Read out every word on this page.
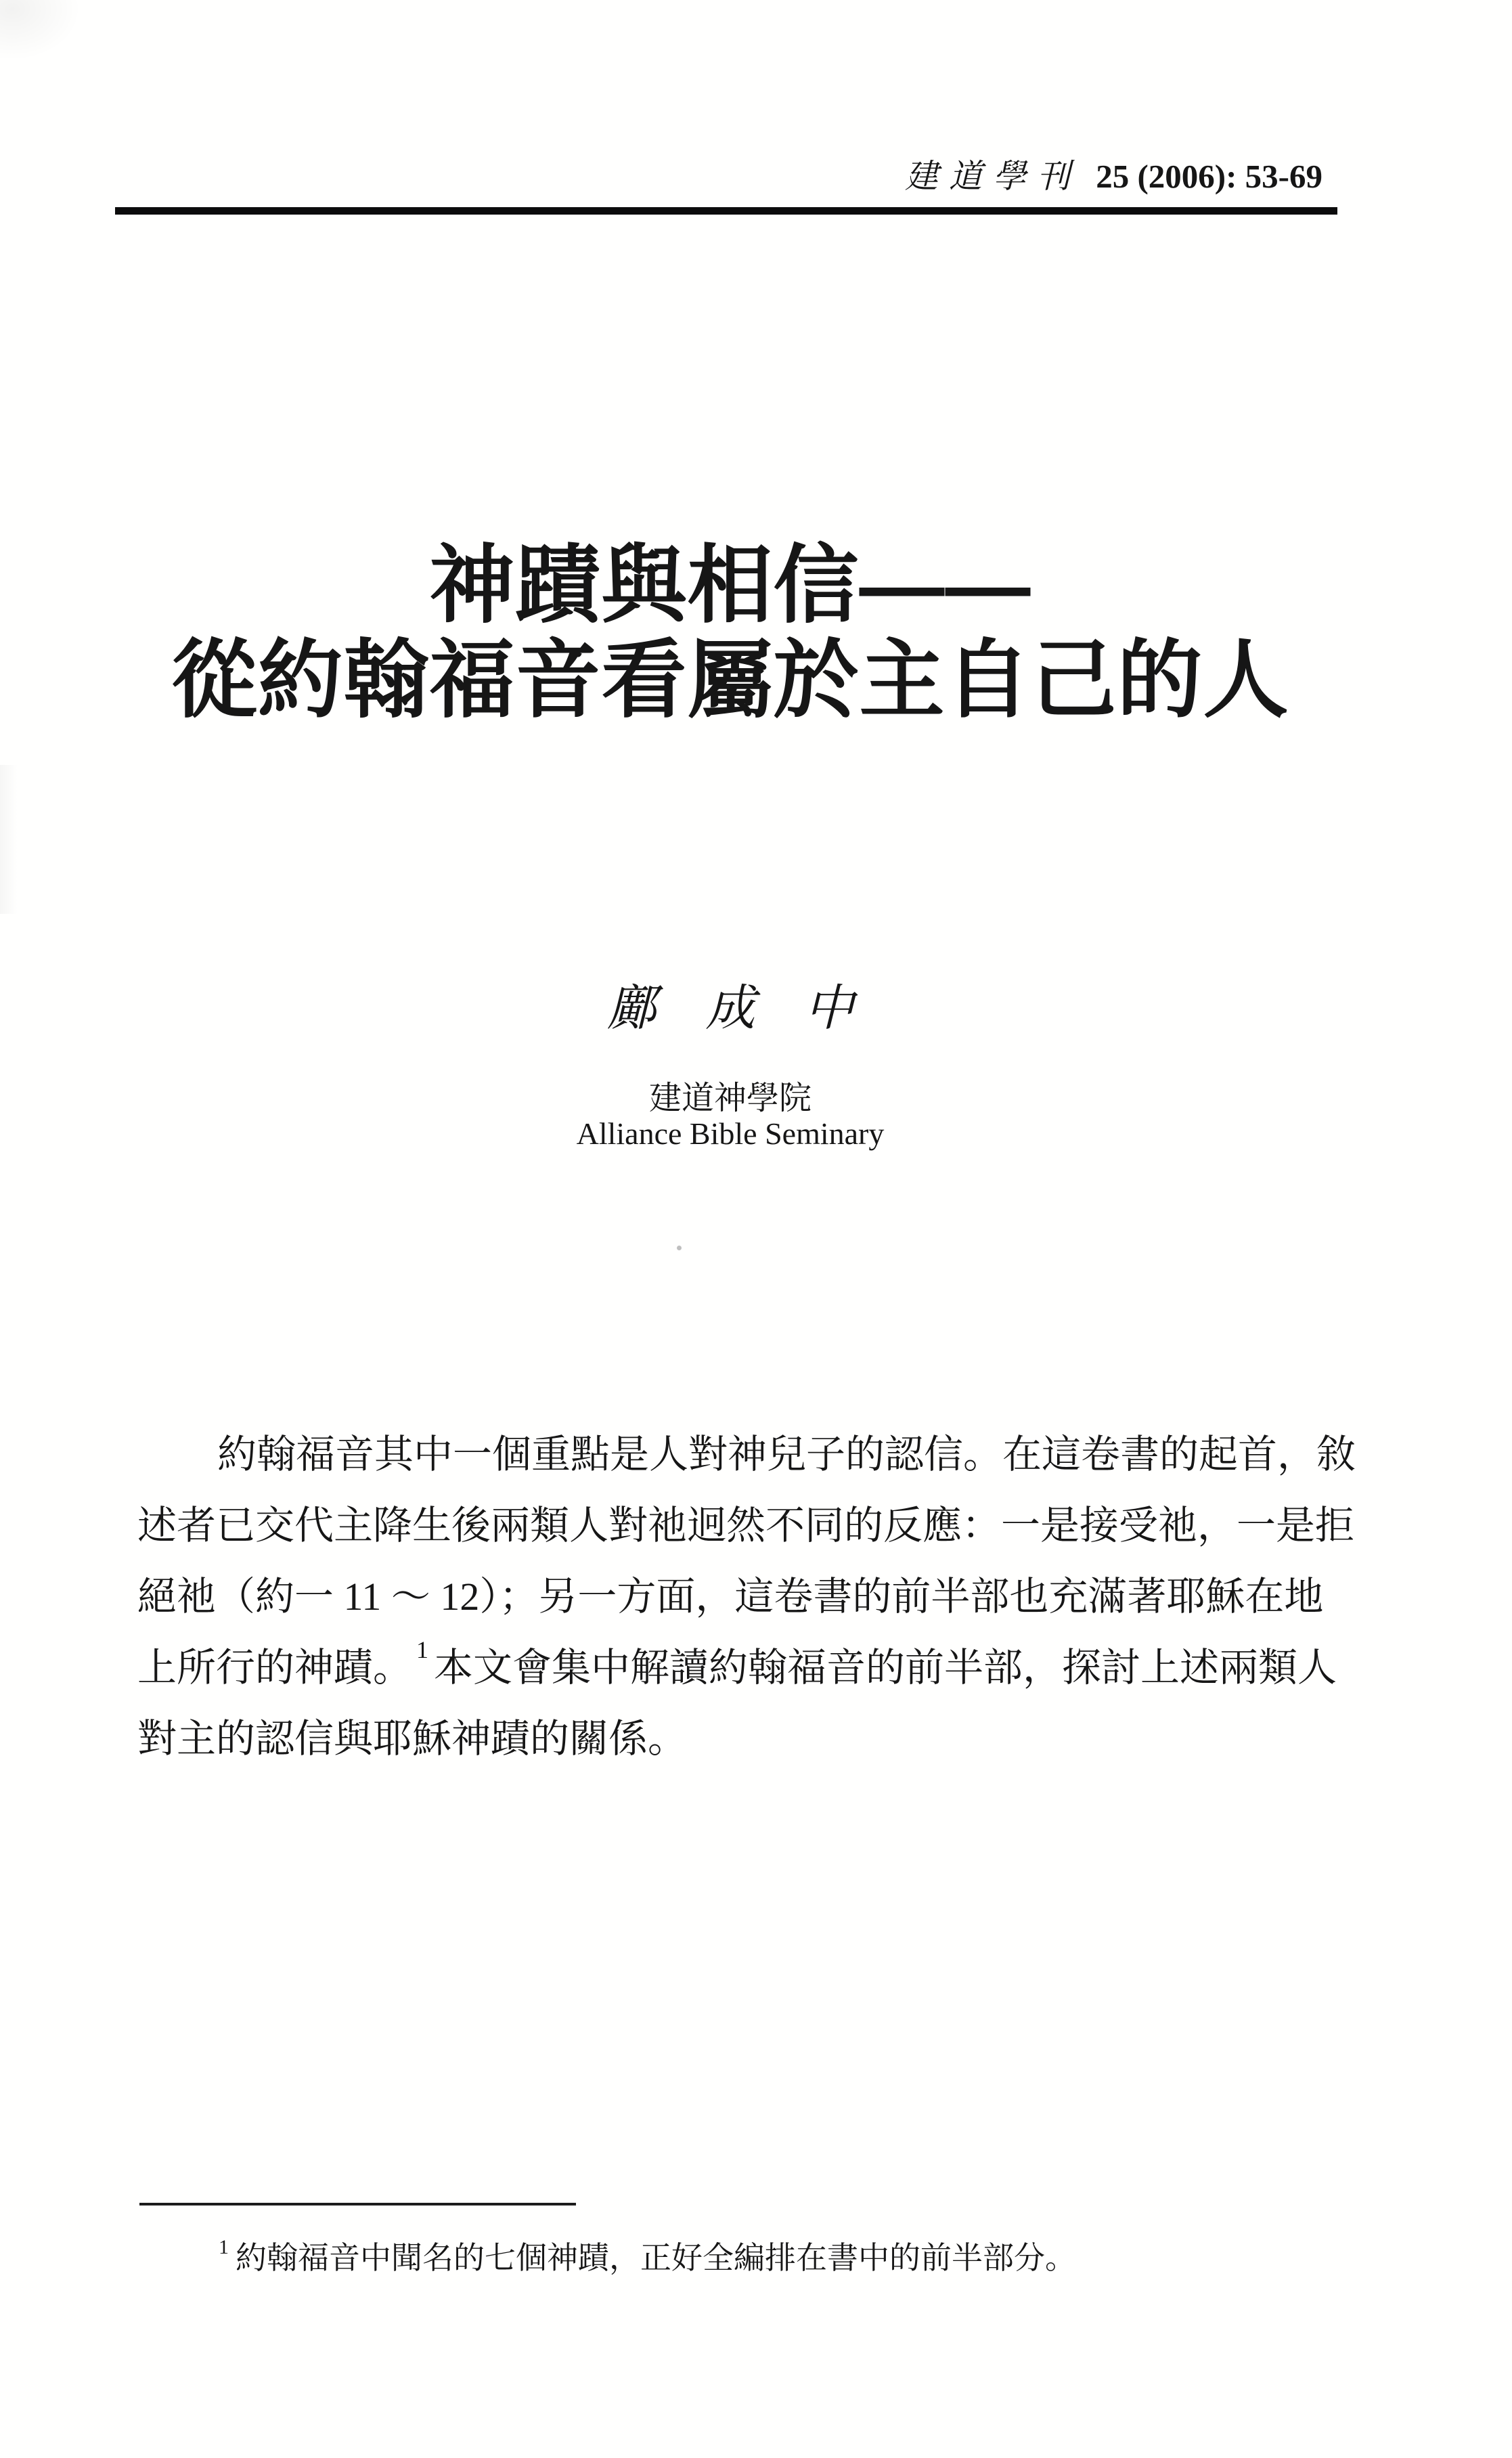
建道學刊 25 (2006): 53-69
神蹟與相信——
從約翰福音看屬於主自己的人
鄺　成　中
建道神學院
Alliance Bible Seminary
約翰福音其中一個重點是人對神兒子的認信。在這卷書的起首，敘
述者已交代主降生後兩類人對祂迥然不同的反應：一是接受祂，一是拒
絕祂（約一 11 ～ 12）；另一方面，這卷書的前半部也充滿著耶穌在地
上所行的神蹟。 $^1$ 本文會集中解讀約翰福音的前半部，探討上述兩類人
對主的認信與耶穌神蹟的關係。
$^1$ 約翰福音中聞名的七個神蹟，正好全編排在書中的前半部分。
